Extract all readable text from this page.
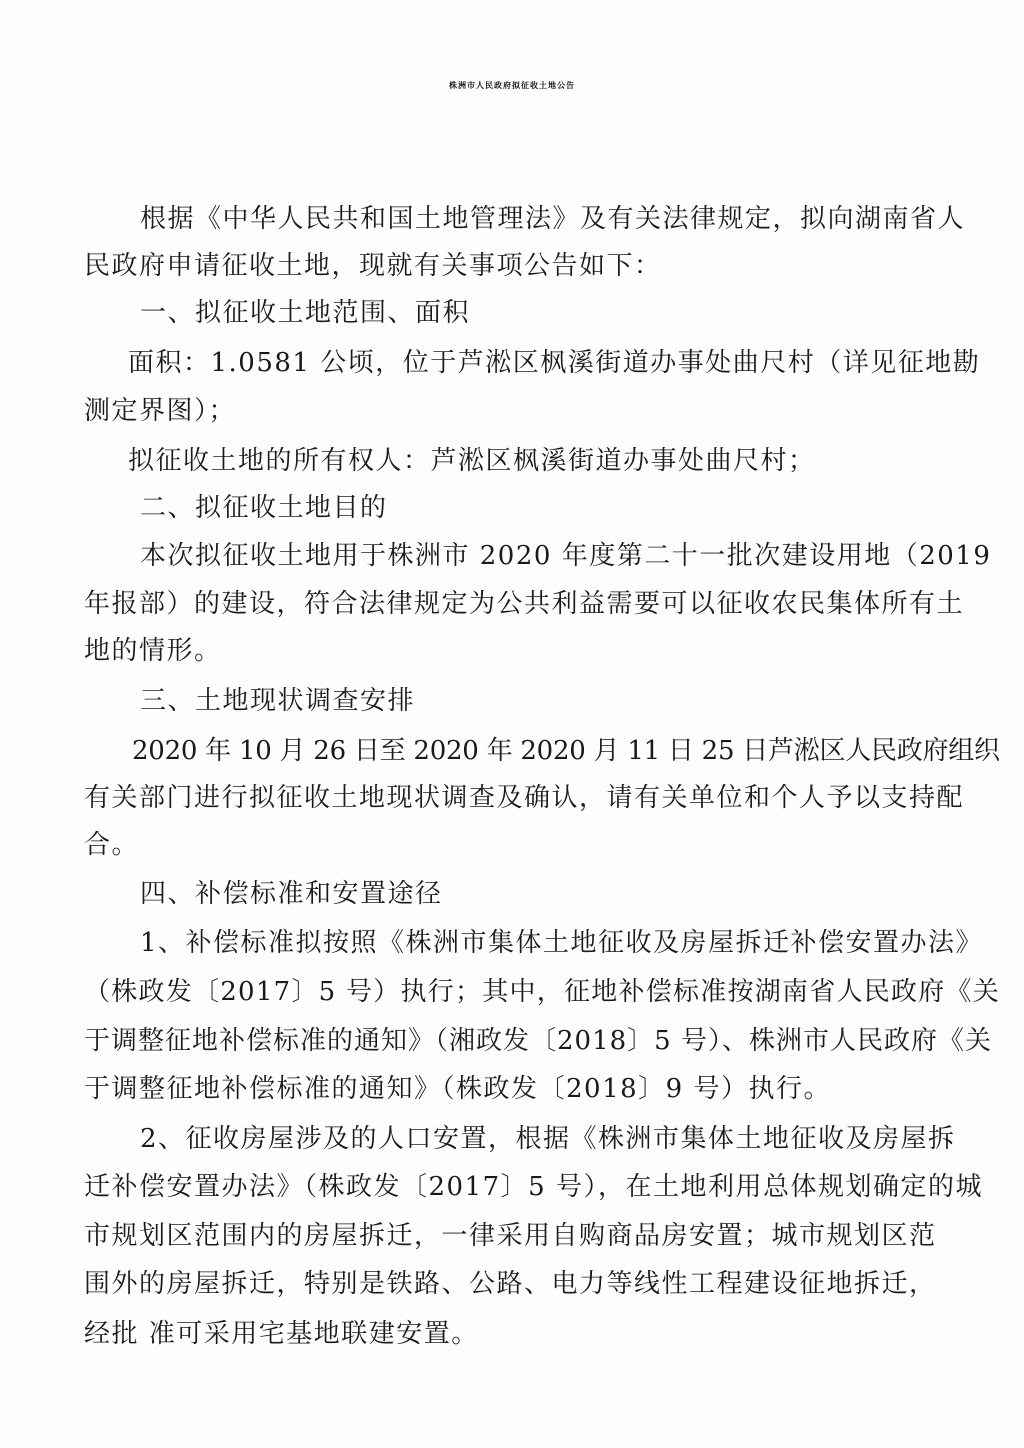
株洲市人民政府拟征收土地公告
根据《中华人民共和国土地管理法》及有关法律规定，拟向湖南省人
民政府申请征收土地，现就有关事项公告如下：
一、拟征收土地范围、面积
面积：1.0581 公顷，位于芦淞区枫溪街道办事处曲尺村（详见征地勘
测定界图）；
拟征收土地的所有权人：芦淞区枫溪街道办事处曲尺村；
二、拟征收土地目的
本次拟征收土地用于株洲市 2020 年度第二十一批次建设用地（2019
年报部）的建设，符合法律规定为公共利益需要可以征收农民集体所有土
地的情形。
三、土地现状调查安排
2020 年 10 月 26 日至 2020 年 2020 月 11 日 25 日芦淞区人民政府组织
有关部门进行拟征收土地现状调查及确认，请有关单位和个人予以支持配
合。
四、补偿标准和安置途径
1、补偿标准拟按照《株洲市集体土地征收及房屋拆迁补偿安置办法》
（株政发〔2017〕5 号）执行；其中，征地补偿标准按湖南省人民政府《关
于调整征地补偿标准的通知》（湘政发〔2018〕5 号）、株洲市人民政府《关
于调整征地补偿标准的通知》（株政发〔2018〕9 号）执行。
2、征收房屋涉及的人口安置，根据《株洲市集体土地征收及房屋拆
迁补偿安置办法》（株政发〔2017〕5 号），在土地利用总体规划确定的城
市规划区范围内的房屋拆迁，一律采用自购商品房安置；城市规划区范
围外的房屋拆迁，特别是铁路、公路、电力等线性工程建设征地拆迁，
经批 准可采用宅基地联建安置。
